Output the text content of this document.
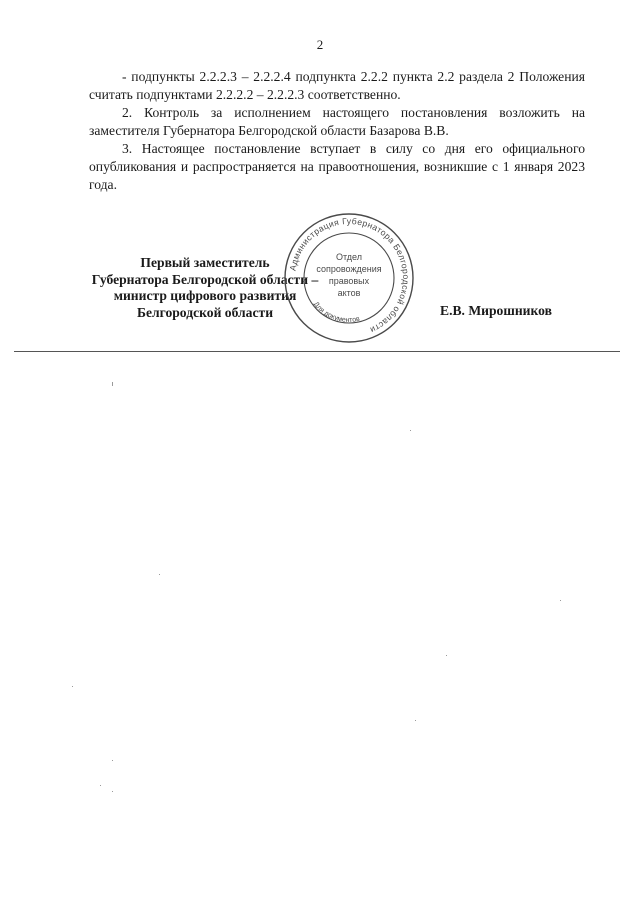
2

- подпункты 2.2.2.3 – 2.2.2.4 подпункта 2.2.2 пункта 2.2 раздела 2 Положения считать подпунктами 2.2.2.2 – 2.2.2.3 соответственно.

2. Контроль за исполнением настоящего постановления возложить на заместителя Губернатора Белгородской области Базарова В.В.

3. Настоящее постановление вступает в силу со дня его официального опубликования и распространяется на правоотношения, возникшие с 1 января 2023 года.

Первый заместитель
Губернатора Белгородской области –
министр цифрового развития
Белгородской области	Е.В. Мирошников
Администрация Губернатора Белгородской области
Для документов
Отдел
сопровождения
правовых
актов
